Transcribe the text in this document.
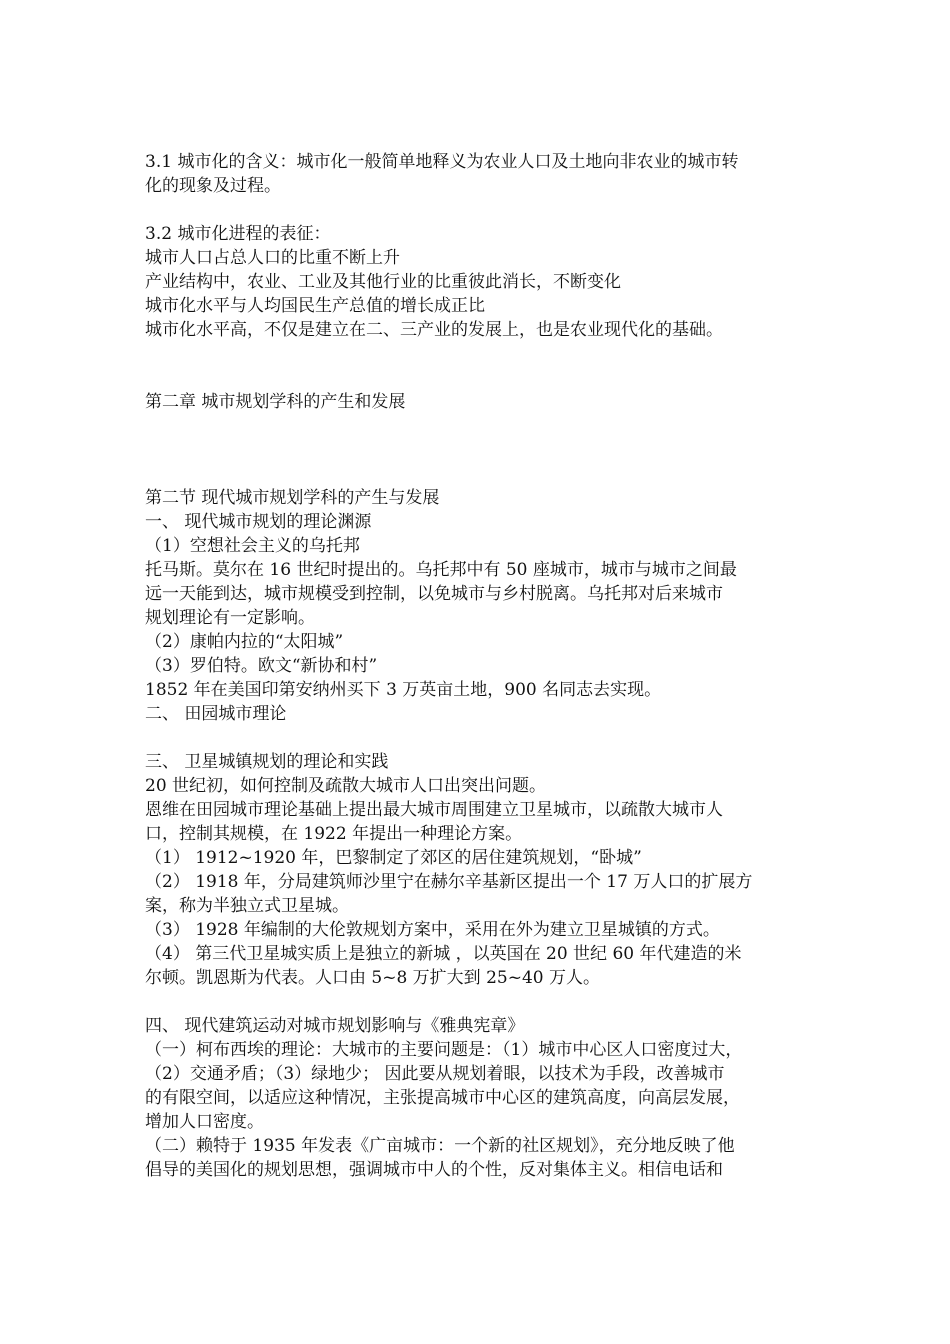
3.1 城市化的含义：城市化一般简单地释义为农业人口及土地向非农业的城市转
化的现象及过程。
3.2 城市化进程的表征：
城市人口占总人口的比重不断上升
产业结构中，农业、工业及其他行业的比重彼此消长，不断变化
城市化水平与人均国民生产总值的增长成正比
城市化水平高，不仅是建立在二、三产业的发展上，也是农业现代化的基础。
第二章 城市规划学科的产生和发展
第二节 现代城市规划学科的产生与发展
一、 现代城市规划的理论渊源
（1）空想社会主义的乌托邦
托马斯。莫尔在 16 世纪时提出的。乌托邦中有 50 座城市，城市与城市之间最
远一天能到达，城市规模受到控制，以免城市与乡村脱离。乌托邦对后来城市
规划理论有一定影响。
（2）康帕内拉的“太阳城”
（3）罗伯特。欧文“新协和村”
1852 年在美国印第安纳州买下 3 万英亩土地，900 名同志去实现。
二、 田园城市理论
三、 卫星城镇规划的理论和实践
20 世纪初，如何控制及疏散大城市人口出突出问题。
恩维在田园城市理论基础上提出最大城市周围建立卫星城市，以疏散大城市人
口，控制其规模，在 1922 年提出一种理论方案。
（1） 1912~1920 年，巴黎制定了郊区的居住建筑规划，“卧城”
（2） 1918 年，分局建筑师沙里宁在赫尔辛基新区提出一个 17 万人口的扩展方
案，称为半独立式卫星城。
（3） 1928 年编制的大伦敦规划方案中，采用在外为建立卫星城镇的方式。
（4） 第三代卫星城实质上是独立的新城 ，以英国在 20 世纪 60 年代建造的米
尔顿。凯恩斯为代表。人口由 5~8 万扩大到 25~40 万人。
四、 现代建筑运动对城市规划影响与《雅典宪章》
（一）柯布西埃的理论：大城市的主要问题是：（1）城市中心区人口密度过大，
（2）交通矛盾；（3）绿地少； 因此要从规划着眼，以技术为手段，改善城市
的有限空间，以适应这种情况，主张提高城市中心区的建筑高度，向高层发展，
增加人口密度。
（二）赖特于 1935 年发表《广亩城市：一个新的社区规划》，充分地反映了他
倡导的美国化的规划思想，强调城市中人的个性，反对集体主义。相信电话和
